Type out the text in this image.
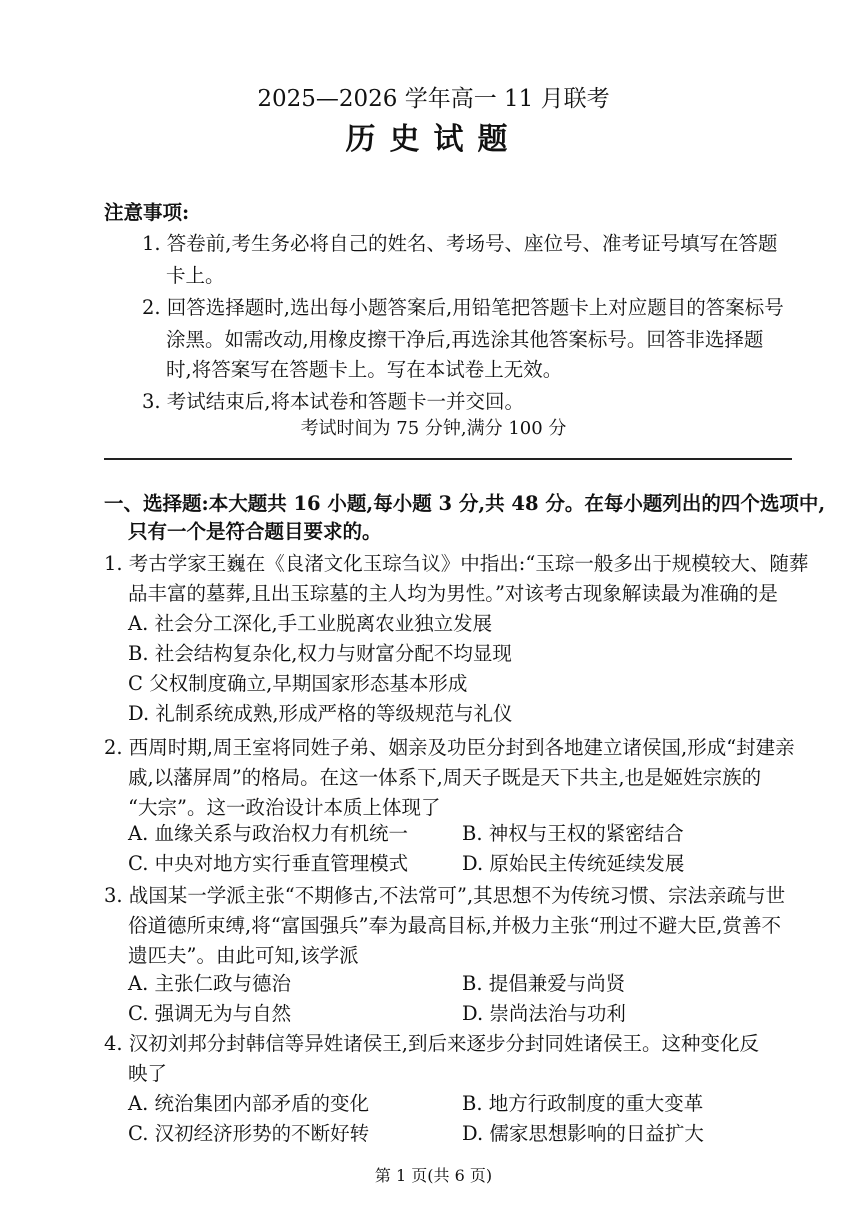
2025—2026 学年高一 11 月联考
历史试题
注意事项:
1. 答卷前,考生务必将自己的姓名、考场号、座位号、准考证号填写在答题
卡上。
2. 回答选择题时,选出每小题答案后,用铅笔把答题卡上对应题目的答案标号
涂黑。如需改动,用橡皮擦干净后,再选涂其他答案标号。回答非选择题
时,将答案写在答题卡上。写在本试卷上无效。
3. 考试结束后,将本试卷和答题卡一并交回。
考试时间为 75 分钟,满分 100 分
一、选择题:本大题共 16 小题,每小题 3 分,共 48 分。在每小题列出的四个选项中,
只有一个是符合题目要求的。
1. 考古学家王巍在《良渚文化玉琮刍议》中指出:“玉琮一般多出于规模较大、随葬
品丰富的墓葬,且出玉琮墓的主人均为男性。”对该考古现象解读最为准确的是
A. 社会分工深化,手工业脱离农业独立发展
B. 社会结构复杂化,权力与财富分配不均显现
C 父权制度确立,早期国家形态基本形成
D. 礼制系统成熟,形成严格的等级规范与礼仪
2. 西周时期,周王室将同姓子弟、姻亲及功臣分封到各地建立诸侯国,形成“封建亲
戚,以藩屏周”的格局。在这一体系下,周天子既是天下共主,也是姬姓宗族的
“大宗”。这一政治设计本质上体现了
A. 血缘关系与政治权力有机统一	B. 神权与王权的紧密结合
C. 中央对地方实行垂直管理模式	D. 原始民主传统延续发展
3. 战国某一学派主张“不期修古,不法常可”,其思想不为传统习惯、宗法亲疏与世
俗道德所束缚,将“富国强兵”奉为最高目标,并极力主张“刑过不避大臣,赏善不
遗匹夫”。由此可知,该学派
A. 主张仁政与德治	B. 提倡兼爱与尚贤
C. 强调无为与自然	D. 崇尚法治与功利
4. 汉初刘邦分封韩信等异姓诸侯王,到后来逐步分封同姓诸侯王。这种变化反
映了
A. 统治集团内部矛盾的变化	B. 地方行政制度的重大变革
C. 汉初经济形势的不断好转	D. 儒家思想影响的日益扩大
第 1 页(共 6 页)
